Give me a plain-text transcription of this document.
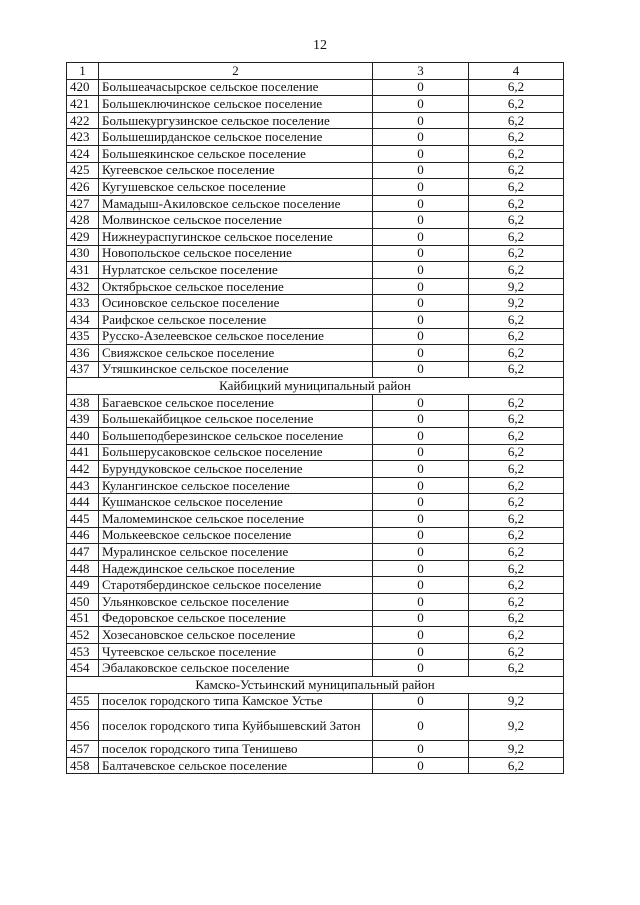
12
1	2	3	4
420	Большеачасырское сельское поселение	0	6,2
421	Большеключинское сельское поселение	0	6,2
422	Большекургузинское сельское поселение	0	6,2
423	Большеширданское сельское поселение	0	6,2
424	Большеякинское сельское поселение	0	6,2
425	Кугеевское сельское поселение	0	6,2
426	Кугушевское сельское поселение	0	6,2
427	Мамадыш-Акиловское сельское поселение	0	6,2
428	Молвинское сельское поселение	0	6,2
429	Нижнеураспугинское сельское поселение	0	6,2
430	Новопольское сельское поселение	0	6,2
431	Нурлатское сельское поселение	0	6,2
432	Октябрьское сельское поселение	0	9,2
433	Осиновское сельское поселение	0	9,2
434	Раифское сельское поселение	0	6,2
435	Русско-Азелеевское сельское поселение	0	6,2
436	Свияжское сельское поселение	0	6,2
437	Утяшкинское сельское поселение	0	6,2
Кайбицкий муниципальный район			
438	Багаевское сельское поселение	0	6,2
439	Большекайбицкое сельское поселение	0	6,2
440	Большеподберезинское сельское поселение	0	6,2
441	Большерусаковское сельское поселение	0	6,2
442	Бурундуковское сельское поселение	0	6,2
443	Кулангинское сельское поселение	0	6,2
444	Кушманское сельское поселение	0	6,2
445	Маломеминское сельское поселение	0	6,2
446	Молькеевское сельское поселение	0	6,2
447	Муралинское сельское поселение	0	6,2
448	Надеждинское сельское поселение	0	6,2
449	Старотябердинское сельское поселение	0	6,2
450	Ульянковское сельское поселение	0	6,2
451	Федоровское сельское поселение	0	6,2
452	Хозесановское сельское поселение	0	6,2
453	Чутеевское сельское поселение	0	6,2
454	Эбалаковское сельское поселение	0	6,2
Камско-Устьинский муниципальный район			
455	поселок городского типа Камское Устье	0	9,2
456	поселок городского типа Куйбышевский Затон	0	9,2
457	поселок городского типа Тенишево	0	9,2
458	Балтачевское сельское поселение	0	6,2
